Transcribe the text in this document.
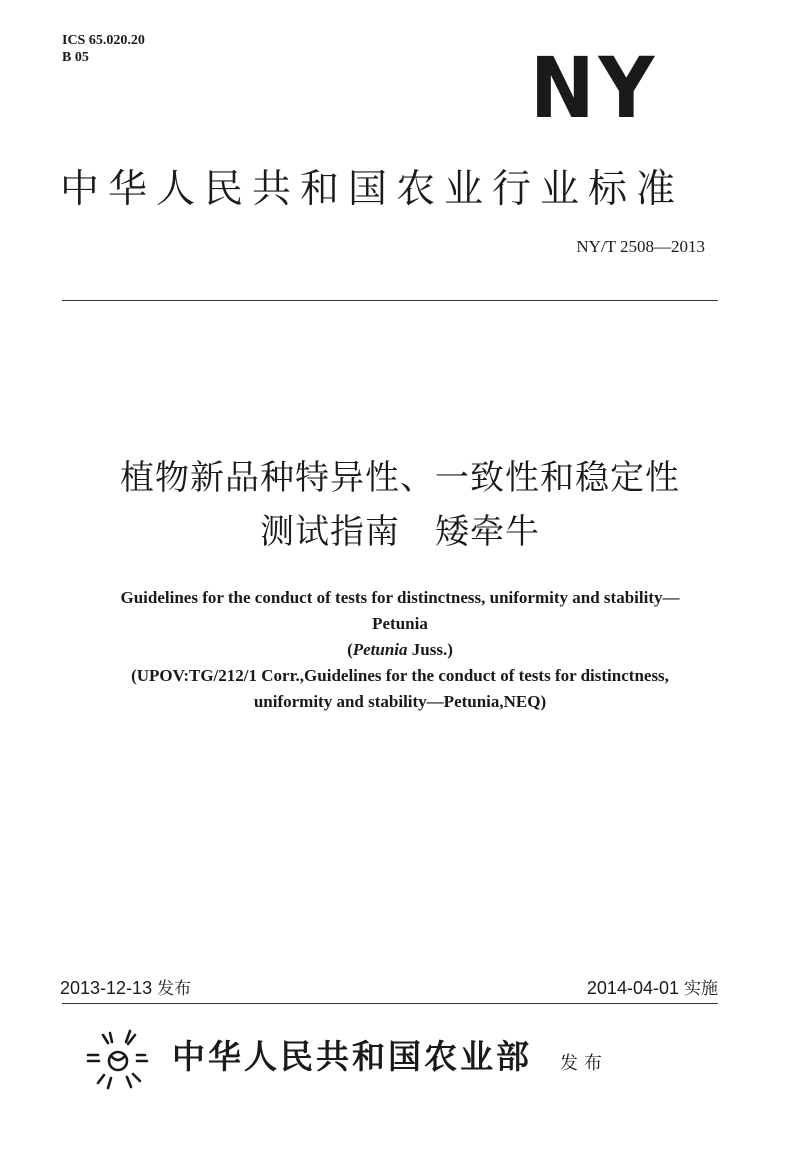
ICS 65.020.20
B 05	NY
中华人民共和国农业行业标准
NY/T 2508—2013
植物新品种特异性、一致性和稳定性
测试指南　矮牵牛
Guidelines for the conduct of tests for distinctness, uniformity and stability—
Petunia
(Petunia Juss.)
(UPOV:TG/212/1 Corr.,Guidelines for the conduct of tests for distinctness,
uniformity and stability—Petunia,NEQ)
2013-12-13 发布	2014-04-01 实施
中华人民共和国农业部 发布
